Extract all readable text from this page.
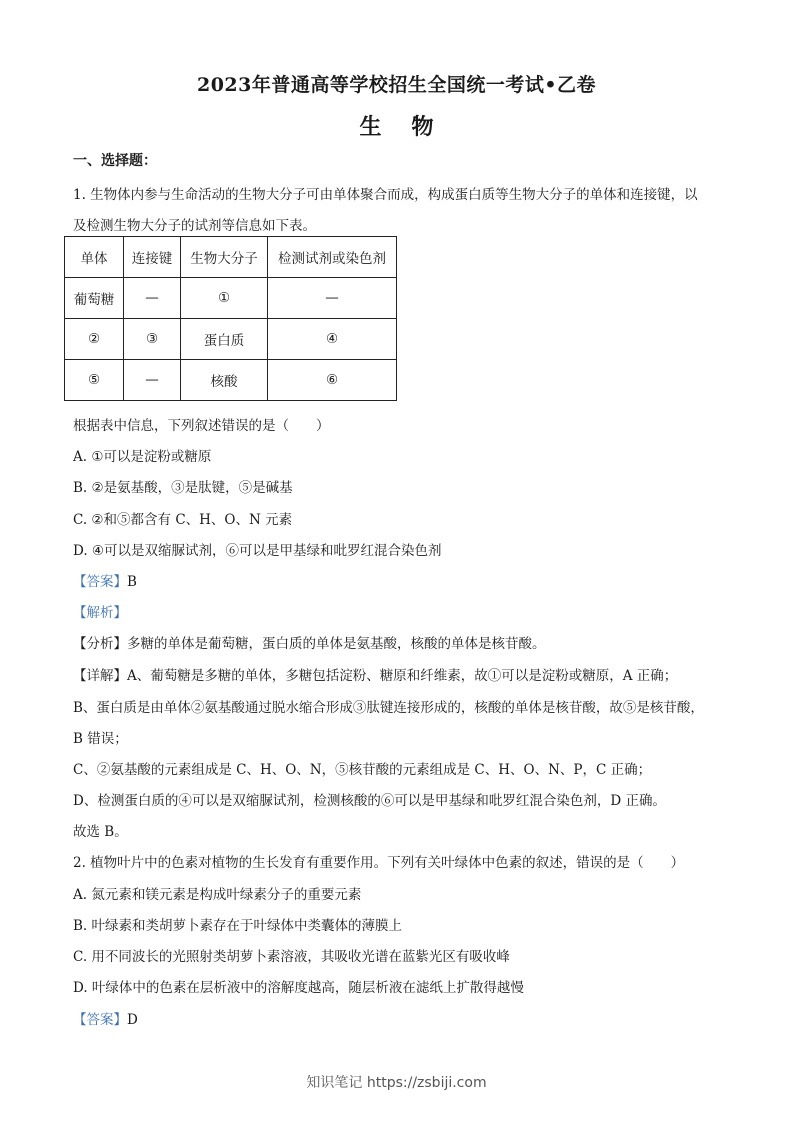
2023年普通高等学校招生全国统一考试•乙卷
生物
一、选择题：
1. 生物体内参与生命活动的生物大分子可由单体聚合而成，构成蛋白质等生物大分子的单体和连接键，以
及检测生物大分子的试剂等信息如下表。
单体	连接键	生物大分子	检测试剂或染色剂
葡萄糖	—	①	—
②	③	蛋白质	④
⑤	—	核酸	⑥
根据表中信息，下列叙述错误的是（　　）
A. ①可以是淀粉或糖原
B. ②是氨基酸，③是肽键，⑤是碱基
C. ②和⑤都含有 C、H、O、N 元素
D. ④可以是双缩脲试剂，⑥可以是甲基绿和吡罗红混合染色剂
【答案】B
【解析】
【分析】多糖的单体是葡萄糖，蛋白质的单体是氨基酸，核酸的单体是核苷酸。
【详解】A、葡萄糖是多糖的单体，多糖包括淀粉、糖原和纤维素，故①可以是淀粉或糖原，A 正确；
B、蛋白质是由单体②氨基酸通过脱水缩合形成③肽键连接形成的，核酸的单体是核苷酸，故⑤是核苷酸，
B 错误；
C、②氨基酸的元素组成是 C、H、O、N，⑤核苷酸的元素组成是 C、H、O、N、P，C 正确；
D、检测蛋白质的④可以是双缩脲试剂，检测核酸的⑥可以是甲基绿和吡罗红混合染色剂，D 正确。
故选 B。
2. 植物叶片中的色素对植物的生长发育有重要作用。下列有关叶绿体中色素的叙述，错误的是（　　）
A. 氮元素和镁元素是构成叶绿素分子的重要元素
B. 叶绿素和类胡萝卜素存在于叶绿体中类囊体的薄膜上
C. 用不同波长的光照射类胡萝卜素溶液，其吸收光谱在蓝紫光区有吸收峰
D. 叶绿体中的色素在层析液中的溶解度越高，随层析液在滤纸上扩散得越慢
【答案】D
知识笔记 https://zsbiji.com
